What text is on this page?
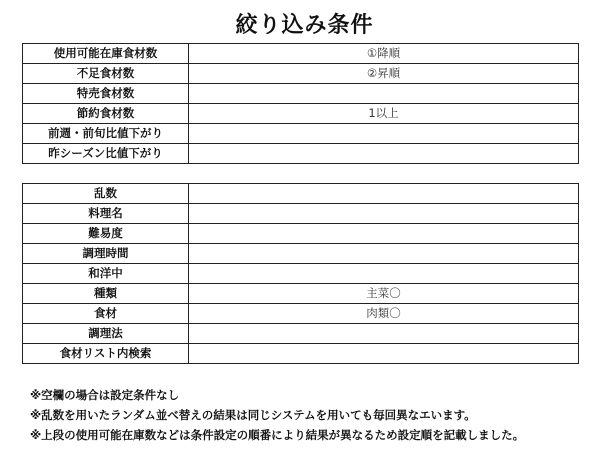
絞り込み条件
使用可能在庫食材数	①降順
不足食材数	②昇順
特売食材数	
節約食材数	1以上
前週・前旬比値下がり	
昨シーズン比値下がり	
乱数	
料理名	
難易度	
調理時間	
和洋中	
種類	主菜〇
食材	肉類〇
調理法	
食材リスト内検索	
※空欄の場合は設定条件なし
※乱数を用いたランダム並べ替えの結果は同じシステムを用いても毎回異なエいます。
※上段の使用可能在庫数などは条件設定の順番により結果が異なるため設定順を記載しました。
